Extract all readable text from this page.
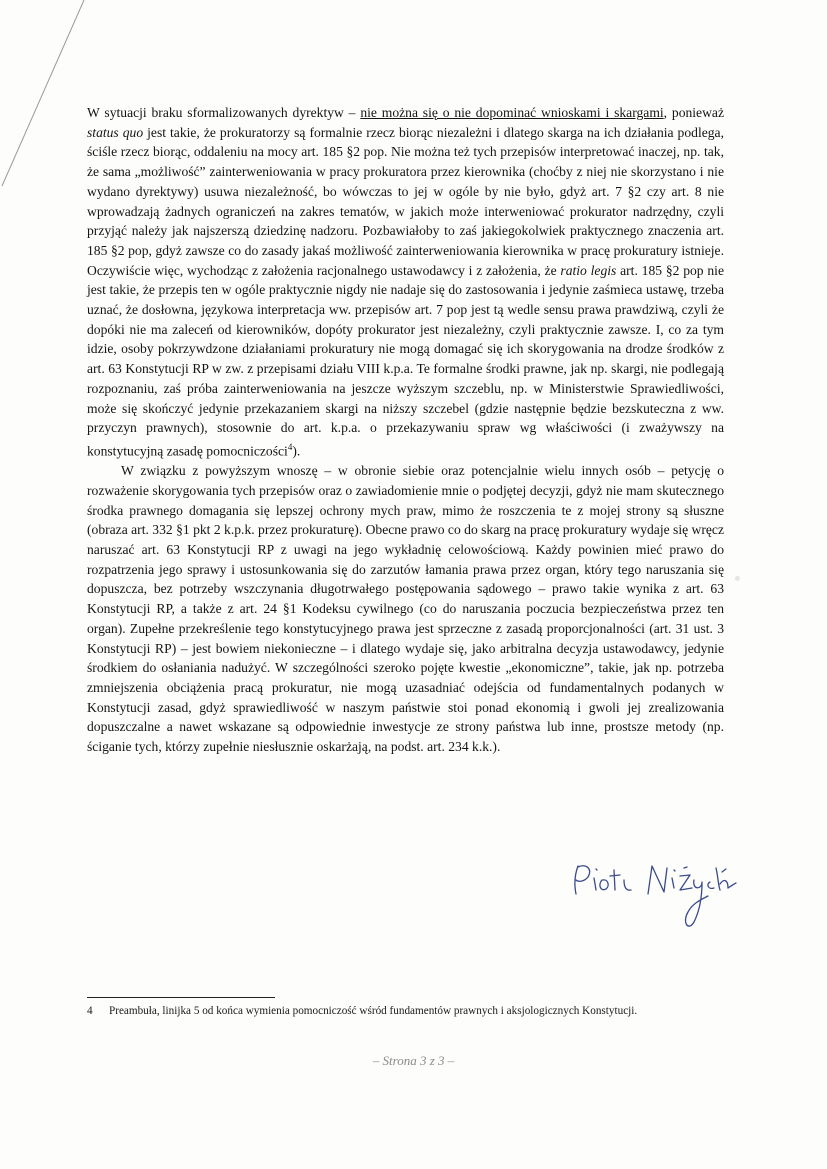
W sytuacji braku sformalizowanych dyrektyw – nie można się o nie dopominać wnioskami i skargami, ponieważ status quo jest takie, że prokuratorzy są formalnie rzecz biorąc niezależni i dlatego skarga na ich działania podlega, ściśle rzecz biorąc, oddaleniu na mocy art. 185 §2 pop. Nie można też tych przepisów interpretować inaczej, np. tak, że sama „możliwość” zainterweniowania w pracy prokuratora przez kierownika (choćby z niej nie skorzystano i nie wydano dyrektywy) usuwa niezależność, bo wówczas to jej w ogóle by nie było, gdyż art. 7 §2 czy art. 8 nie wprowadzają żadnych ograniczeń na zakres tematów, w jakich może interweniować prokurator nadrzędny, czyli przyjąć należy jak najszerszą dziedzinę nadzoru. Pozbawiałoby to zaś jakiegokolwiek praktycznego znaczenia art. 185 §2 pop, gdyż zawsze co do zasady jakaś możliwość zainterweniowania kierownika w pracę prokuratury istnieje. Oczywiście więc, wychodząc z założenia racjonalnego ustawodawcy i z założenia, że ratio legis art. 185 §2 pop nie jest takie, że przepis ten w ogóle praktycznie nigdy nie nadaje się do zastosowania i jedynie zaśmieca ustawę, trzeba uznać, że dosłowna, językowa interpretacja ww. przepisów art. 7 pop jest tą wedle sensu prawa prawdziwą, czyli że dopóki nie ma zaleceń od kierowników, dopóty prokurator jest niezależny, czyli praktycznie zawsze. I, co za tym idzie, osoby pokrzywdzone działaniami prokuratury nie mogą domagać się ich skorygowania na drodze środków z art. 63 Konstytucji RP w zw. z przepisami działu VIII k.p.a. Te formalne środki prawne, jak np. skargi, nie podlegają rozpoznaniu, zaś próba zainterweniowania na jeszcze wyższym szczeblu, np. w Ministerstwie Sprawiedliwości, może się skończyć jedynie przekazaniem skargi na niższy szczebel (gdzie następnie będzie bezskuteczna z ww. przyczyn prawnych), stosownie do art. k.p.a. o przekazywaniu spraw wg właściwości (i zważywszy na konstytucyjną zasadę pomocniczości$^4$).

W związku z powyższym wnoszę – w obronie siebie oraz potencjalnie wielu innych osób – petycję o rozważenie skorygowania tych przepisów oraz o zawiadomienie mnie o podjętej decyzji, gdyż nie mam skutecznego środka prawnego domagania się lepszej ochrony mych praw, mimo że roszczenia te z mojej strony są słuszne (obraza art. 332 §1 pkt 2 k.p.k. przez prokuraturę). Obecne prawo co do skarg na pracę prokuratury wydaje się wręcz naruszać art. 63 Konstytucji RP z uwagi na jego wykładnię celowościową. Każdy powinien mieć prawo do rozpatrzenia jego sprawy i ustosunkowania się do zarzutów łamania prawa przez organ, który tego naruszania się dopuszcza, bez potrzeby wszczynania długotrwałego postępowania sądowego – prawo takie wynika z art. 63 Konstytucji RP, a także z art. 24 §1 Kodeksu cywilnego (co do naruszania poczucia bezpieczeństwa przez ten organ). Zupełne przekreślenie tego konstytucyjnego prawa jest sprzeczne z zasadą proporcjonalności (art. 31 ust. 3 Konstytucji RP) – jest bowiem niekonieczne – i dlatego wydaje się, jako arbitralna decyzja ustawodawcy, jedynie środkiem do osłaniania nadużyć. W szczególności szeroko pojęte kwestie „ekonomiczne”, takie, jak np. potrzeba zmniejszenia obciążenia pracą prokuratur, nie mogą uzasadniać odejścia od fundamentalnych podanych w Konstytucji zasad, gdyż sprawiedliwość w naszym państwie stoi ponad ekonomią i gwoli jej zrealizowania dopuszczalne a nawet wskazane są odpowiednie inwestycje ze strony państwa lub inne, prostsze metody (np. ściganie tych, którzy zupełnie niesłusznie oskarżają, na podst. art. 234 k.k.).

4 Preambuła, linijka 5 od końca wymienia pomocniczość wśród fundamentów prawnych i aksjologicznych Konstytucji.
– Strona 3 z 3 –
